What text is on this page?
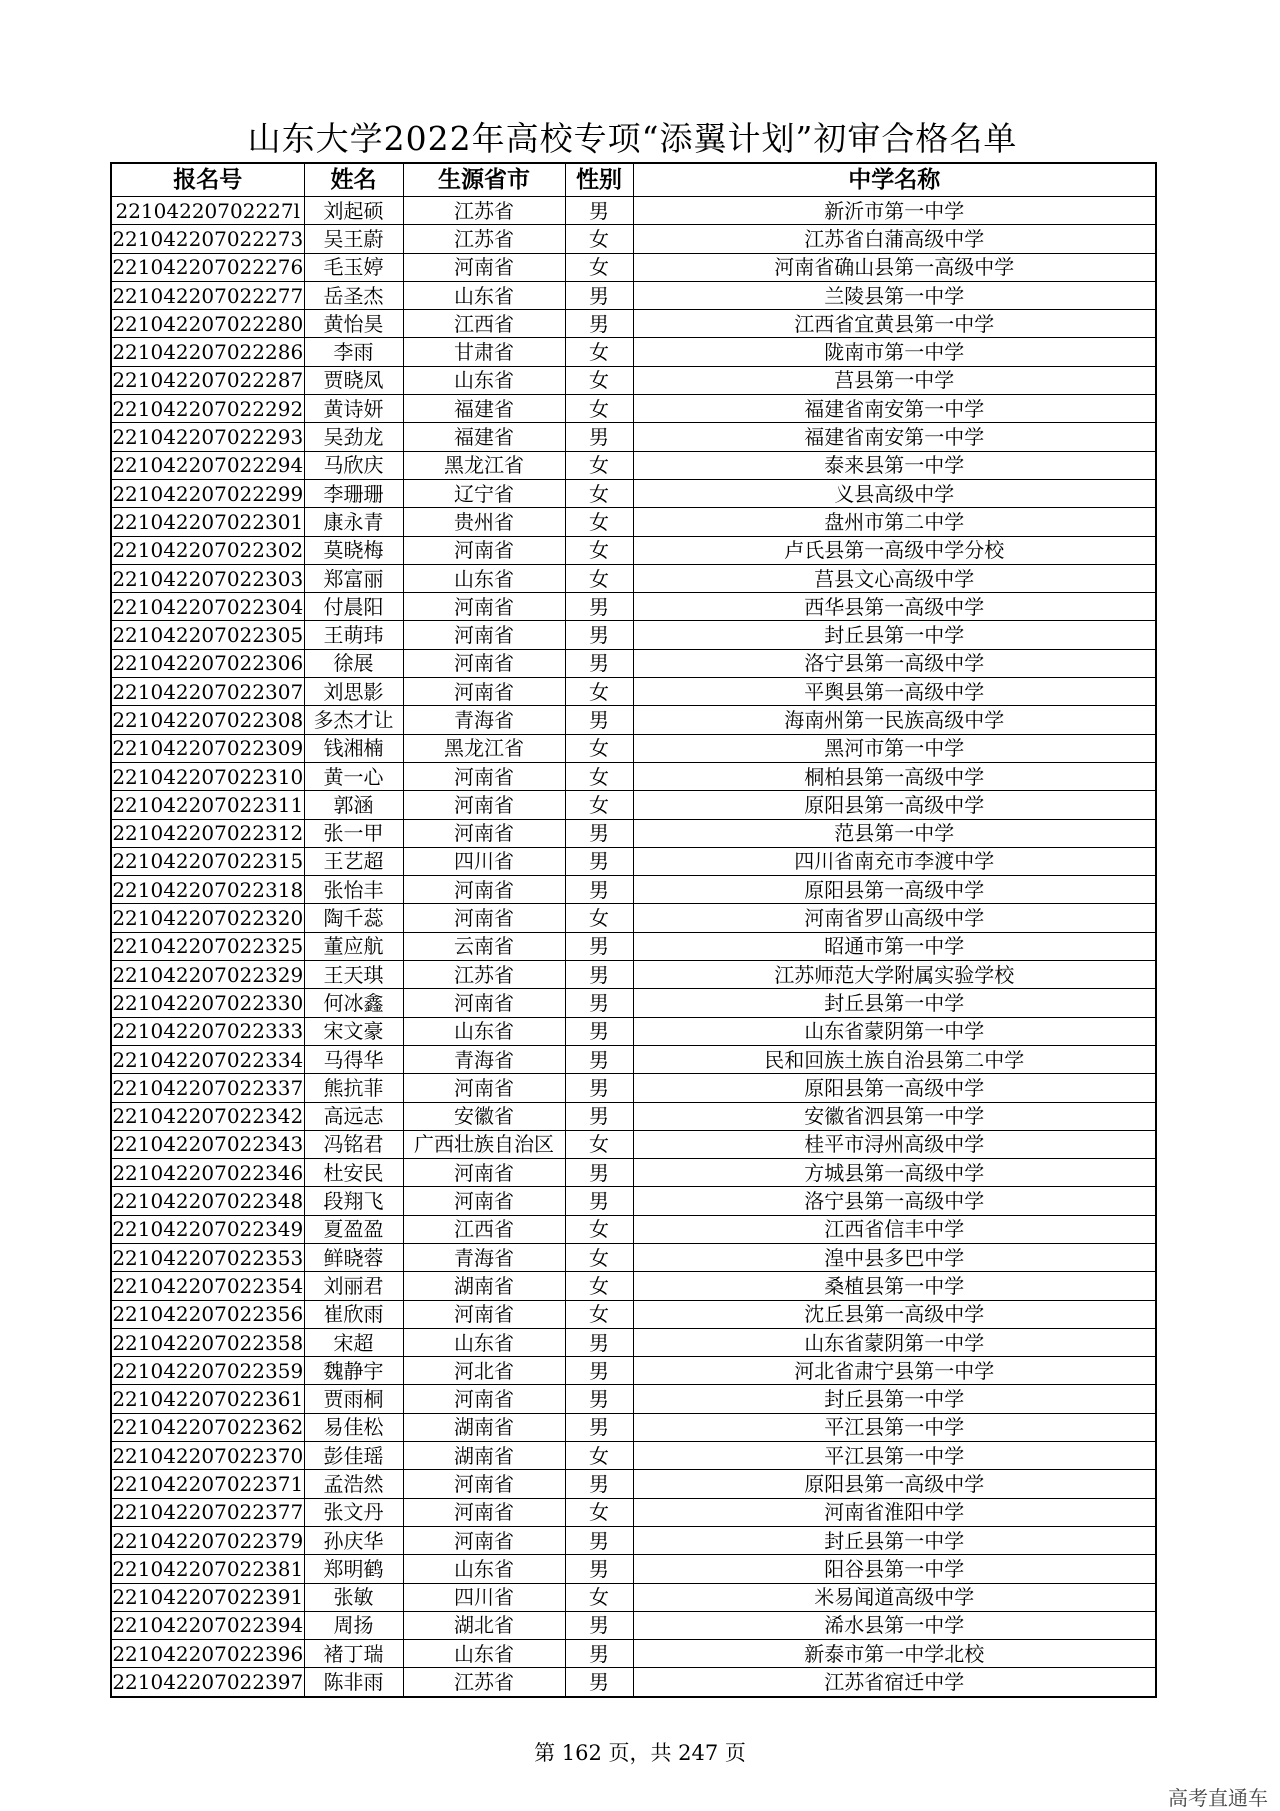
山东大学2022年高校专项“添翼计划”初审合格名单
报名号	姓名	生源省市	性别	中学名称
22104220702227l	刘起硕	江苏省	男	新沂市第一中学
221042207022273	吴王蔚	江苏省	女	江苏省白蒲高级中学
221042207022276	毛玉婷	河南省	女	河南省确山县第一高级中学
221042207022277	岳圣杰	山东省	男	兰陵县第一中学
221042207022280	黄怡昊	江西省	男	江西省宜黄县第一中学
221042207022286	李雨	甘肃省	女	陇南市第一中学
221042207022287	贾晓凤	山东省	女	莒县第一中学
221042207022292	黄诗妍	福建省	女	福建省南安第一中学
221042207022293	吴劲龙	福建省	男	福建省南安第一中学
221042207022294	马欣庆	黑龙江省	女	泰来县第一中学
221042207022299	李珊珊	辽宁省	女	义县高级中学
221042207022301	康永青	贵州省	女	盘州市第二中学
221042207022302	莫晓梅	河南省	女	卢氏县第一高级中学分校
221042207022303	郑富丽	山东省	女	莒县文心高级中学
221042207022304	付晨阳	河南省	男	西华县第一高级中学
221042207022305	王萌玮	河南省	男	封丘县第一中学
221042207022306	徐展	河南省	男	洛宁县第一高级中学
221042207022307	刘思影	河南省	女	平舆县第一高级中学
221042207022308	多杰才让	青海省	男	海南州第一民族高级中学
221042207022309	钱湘楠	黑龙江省	女	黑河市第一中学
221042207022310	黄一心	河南省	女	桐柏县第一高级中学
221042207022311	郭涵	河南省	女	原阳县第一高级中学
221042207022312	张一甲	河南省	男	范县第一中学
221042207022315	王艺超	四川省	男	四川省南充市李渡中学
221042207022318	张怡丰	河南省	男	原阳县第一高级中学
221042207022320	陶千蕊	河南省	女	河南省罗山高级中学
221042207022325	董应航	云南省	男	昭通市第一中学
221042207022329	王天琪	江苏省	男	江苏师范大学附属实验学校
221042207022330	何冰鑫	河南省	男	封丘县第一中学
221042207022333	宋文豪	山东省	男	山东省蒙阴第一中学
221042207022334	马得华	青海省	男	民和回族土族自治县第二中学
221042207022337	熊抗菲	河南省	男	原阳县第一高级中学
221042207022342	高远志	安徽省	男	安徽省泗县第一中学
221042207022343	冯铭君	广西壮族自治区	女	桂平市浔州高级中学
221042207022346	杜安民	河南省	男	方城县第一高级中学
221042207022348	段翔飞	河南省	男	洛宁县第一高级中学
221042207022349	夏盈盈	江西省	女	江西省信丰中学
221042207022353	鲜晓蓉	青海省	女	湟中县多巴中学
221042207022354	刘丽君	湖南省	女	桑植县第一中学
221042207022356	崔欣雨	河南省	女	沈丘县第一高级中学
221042207022358	宋超	山东省	男	山东省蒙阴第一中学
221042207022359	魏静宇	河北省	男	河北省肃宁县第一中学
221042207022361	贾雨桐	河南省	男	封丘县第一中学
221042207022362	易佳松	湖南省	男	平江县第一中学
221042207022370	彭佳瑶	湖南省	女	平江县第一中学
221042207022371	孟浩然	河南省	男	原阳县第一高级中学
221042207022377	张文丹	河南省	女	河南省淮阳中学
221042207022379	孙庆华	河南省	男	封丘县第一中学
221042207022381	郑明鹤	山东省	男	阳谷县第一中学
221042207022391	张敏	四川省	女	米易闻道高级中学
221042207022394	周扬	湖北省	男	浠水县第一中学
221042207022396	褚丁瑞	山东省	男	新泰市第一中学北校
221042207022397	陈非雨	江苏省	男	江苏省宿迁中学
第 162 页，共 247 页
高考直通车
